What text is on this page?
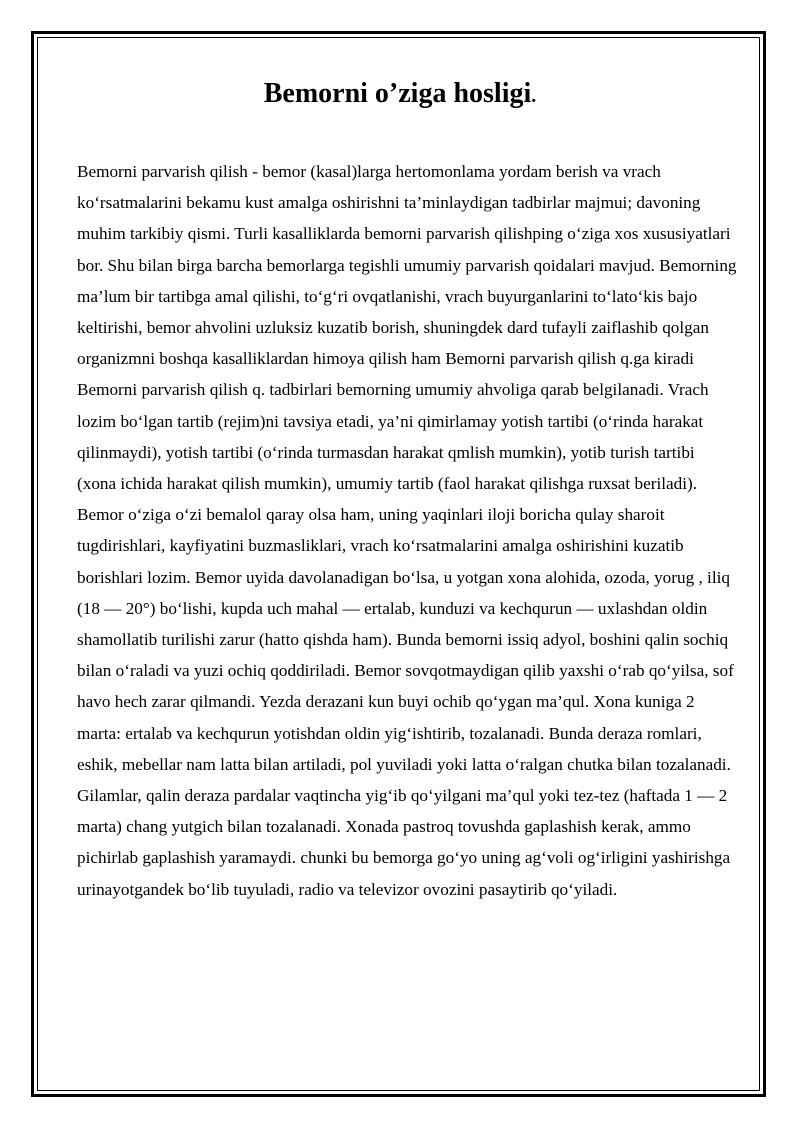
Bemorni o’ziga hosligi.

Bemorni parvarish qilish - bemor (kasal)larga hertomonlama yordam berish va vrach ko‘rsatmalarini bekamu kust amalga oshirishni ta’minlaydigan tadbirlar majmui; davoning muhim tarkibiy qismi. Turli kasalliklarda bemorni parvarish qilishping o‘ziga xos xususiyatlari bor. Shu bilan birga barcha bemorlarga tegishli umumiy parvarish qoidalari mavjud. Bemorning ma’lum bir tartibga amal qilishi, to‘g‘ri ovqatlanishi, vrach buyurganlarini to‘lato‘kis bajo keltirishi, bemor ahvolini uzluksiz kuzatib borish, shuningdek dard tufayli zaiflashib qolgan organizmni boshqa kasalliklardan himoya qilish ham Bemorni parvarish qilish q.ga kiradi Bemorni parvarish qilish q. tadbirlari bemorning umumiy ahvoliga qarab belgilanadi. Vrach lozim bo‘lgan tartib (rejim)ni tavsiya etadi, ya’ni qimirlamay yotish tartibi (o‘rinda harakat qilinmaydi), yotish tartibi (o‘rinda turmasdan harakat qmlish mumkin), yotib turish tartibi (xona ichida harakat qilish mumkin), umumiy tartib (faol harakat qilishga ruxsat beriladi). Bemor o‘ziga o‘zi bemalol qaray olsa ham, uning yaqinlari iloji boricha qulay sharoit tugdirishlari, kayfiyatini buzmasliklari, vrach ko‘rsatmalarini amalga oshirishini kuzatib borishlari lozim. Bemor uyida davolanadigan bo‘lsa, u yotgan xona alohida, ozoda, yorug , iliq (18 — 20°) bo‘lishi, kupda uch mahal — ertalab, kunduzi va kechqurun — uxlashdan oldin shamollatib turilishi zarur (hatto qishda ham). Bunda bemorni issiq adyol, boshini qalin sochiq bilan o‘raladi va yuzi ochiq qoddiriladi. Bemor sovqotmaydigan qilib yaxshi o‘rab qo‘yilsa, sof havo hech zarar qilmandi. Yezda derazani kun buyi ochib qo‘ygan ma’qul. Xona kuniga 2 marta: ertalab va kechqurun yotishdan oldin yig‘ishtirib, tozalanadi. Bunda deraza romlari, eshik, mebellar nam latta bilan artiladi, pol yuviladi yoki latta o‘ralgan chutka bilan tozalanadi. Gilamlar, qalin deraza pardalar vaqtincha yig‘ib qo‘yilgani ma’qul yoki tez-tez (haftada 1 — 2 marta) chang yutgich bilan tozalanadi. Xonada pastroq tovushda gaplashish kerak, ammo pichirlab gaplashish yaramaydi. chunki bu bemorga go‘yo uning ag‘voli og‘irligini yashirishga urinayotgandek bo‘lib tuyuladi, radio va televizor ovozini pasaytirib qo‘yiladi.
